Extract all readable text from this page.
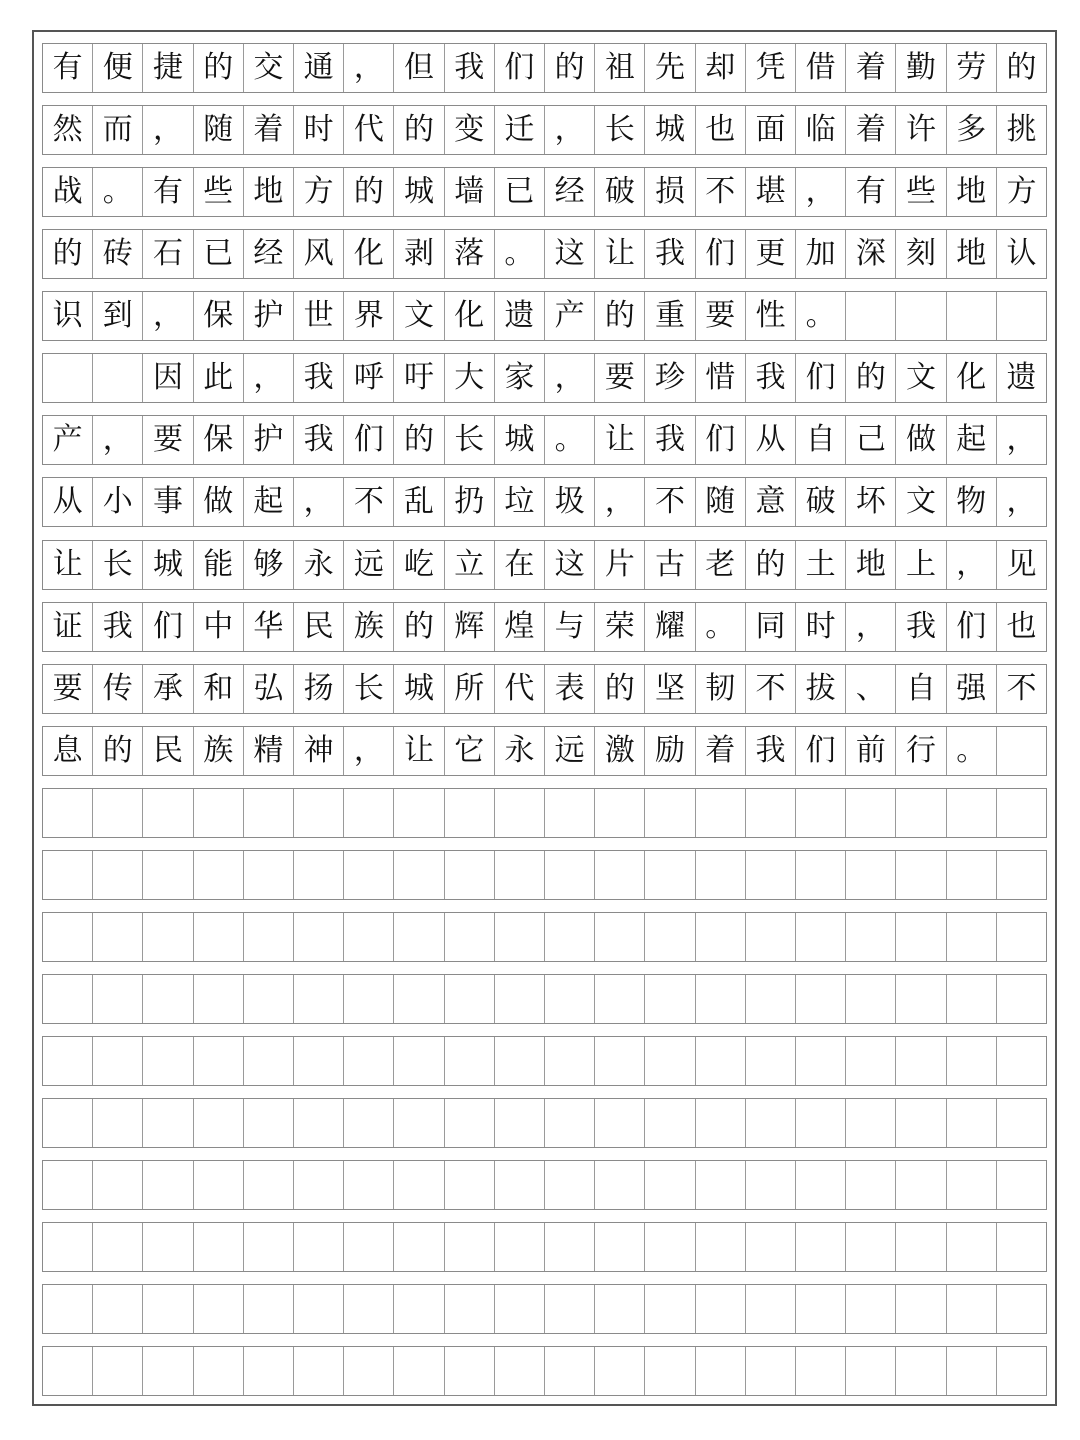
有 便 捷 的 交 通 ， 但 我 们 的 祖 先 却 凭 借 着 勤 劳 的
然 而 ， 随 着 时 代 的 变 迁 ， 长 城 也 面 临 着 许 多 挑
战 。 有 些 地 方 的 城 墙 已 经 破 损 不 堪 ， 有 些 地 方
的 砖 石 已 经 风 化 剥 落 。 这 让 我 们 更 加 深 刻 地 认
识 到 ， 保 护 世 界 文 化 遗 产 的 重 要 性 。
因 此 ， 我 呼 吁 大 家 ， 要 珍 惜 我 们 的 文 化 遗
产 ， 要 保 护 我 们 的 长 城 。 让 我 们 从 自 己 做 起 ，
从 小 事 做 起 ， 不 乱 扔 垃 圾 ， 不 随 意 破 坏 文 物 ，
让 长 城 能 够 永 远 屹 立 在 这 片 古 老 的 土 地 上 ， 见
证 我 们 中 华 民 族 的 辉 煌 与 荣 耀 。 同 时 ， 我 们 也
要 传 承 和 弘 扬 长 城 所 代 表 的 坚 韧 不 拔 、 自 强 不
息 的 民 族 精 神 ， 让 它 永 远 激 励 着 我 们 前 行 。
